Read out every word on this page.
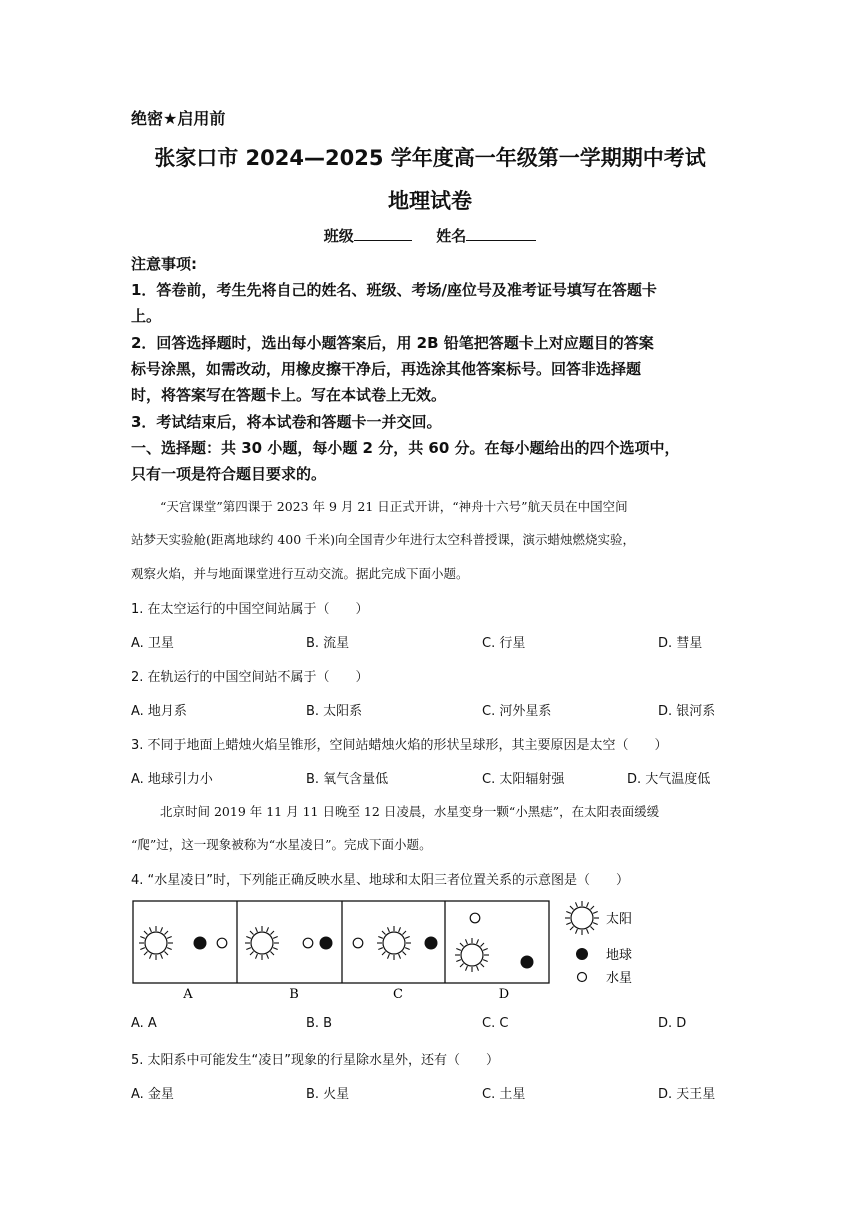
绝密★启用前
张家口市 2024—2025 学年度高一年级第一学期期中考试
地理试卷
班级	姓名
注意事项:
1．答卷前，考生先将自己的姓名、班级、考场/座位号及准考证号填写在答题卡
上。
2．回答选择题时，选出每小题答案后，用 2B 铅笔把答题卡上对应题目的答案
标号涂黑，如需改动，用橡皮擦干净后，再选涂其他答案标号。回答非选择题
时，将答案写在答题卡上。写在本试卷上无效。
3．考试结束后，将本试卷和答题卡一并交回。
一、选择题：共 30 小题，每小题 2 分，共 60 分。在每小题给出的四个选项中，
只有一项是符合题目要求的。
“天宫课堂”第四课于 2023 年 9 月 21 日正式开讲，“神舟十六号”航天员在中国空间
站梦天实验舱(距离地球约 400 千米)向全国青少年进行太空科普授课，演示蜡烛燃烧实验，
观察火焰，并与地面课堂进行互动交流。据此完成下面小题。
1. 在太空运行的中国空间站属于（　　）
A. 卫星	B. 流星	C. 行星	D. 彗星
2. 在轨运行的中国空间站不属于（　　）
A. 地月系	B. 太阳系	C. 河外星系	D. 银河系
3. 不同于地面上蜡烛火焰呈锥形，空间站蜡烛火焰的形状呈球形，其主要原因是太空（　　）
A. 地球引力小	B. 氧气含量低	C. 太阳辐射强	D. 大气温度低
北京时间 2019 年 11 月 11 日晚至 12 日凌晨，水星变身一颗“小黑痣”，在太阳表面缓缓
“爬”过，这一现象被称为“水星凌日”。完成下面小题。
4. “水星凌日”时，下列能正确反映水星、地球和太阳三者位置关系的示意图是（　　）
A	B	C	D
太阳
地球
水星
A. A	B. B	C. C	D. D
5. 太阳系中可能发生“凌日”现象的行星除水星外，还有（　　）
A. 金星	B. 火星	C. 土星	D. 天王星
